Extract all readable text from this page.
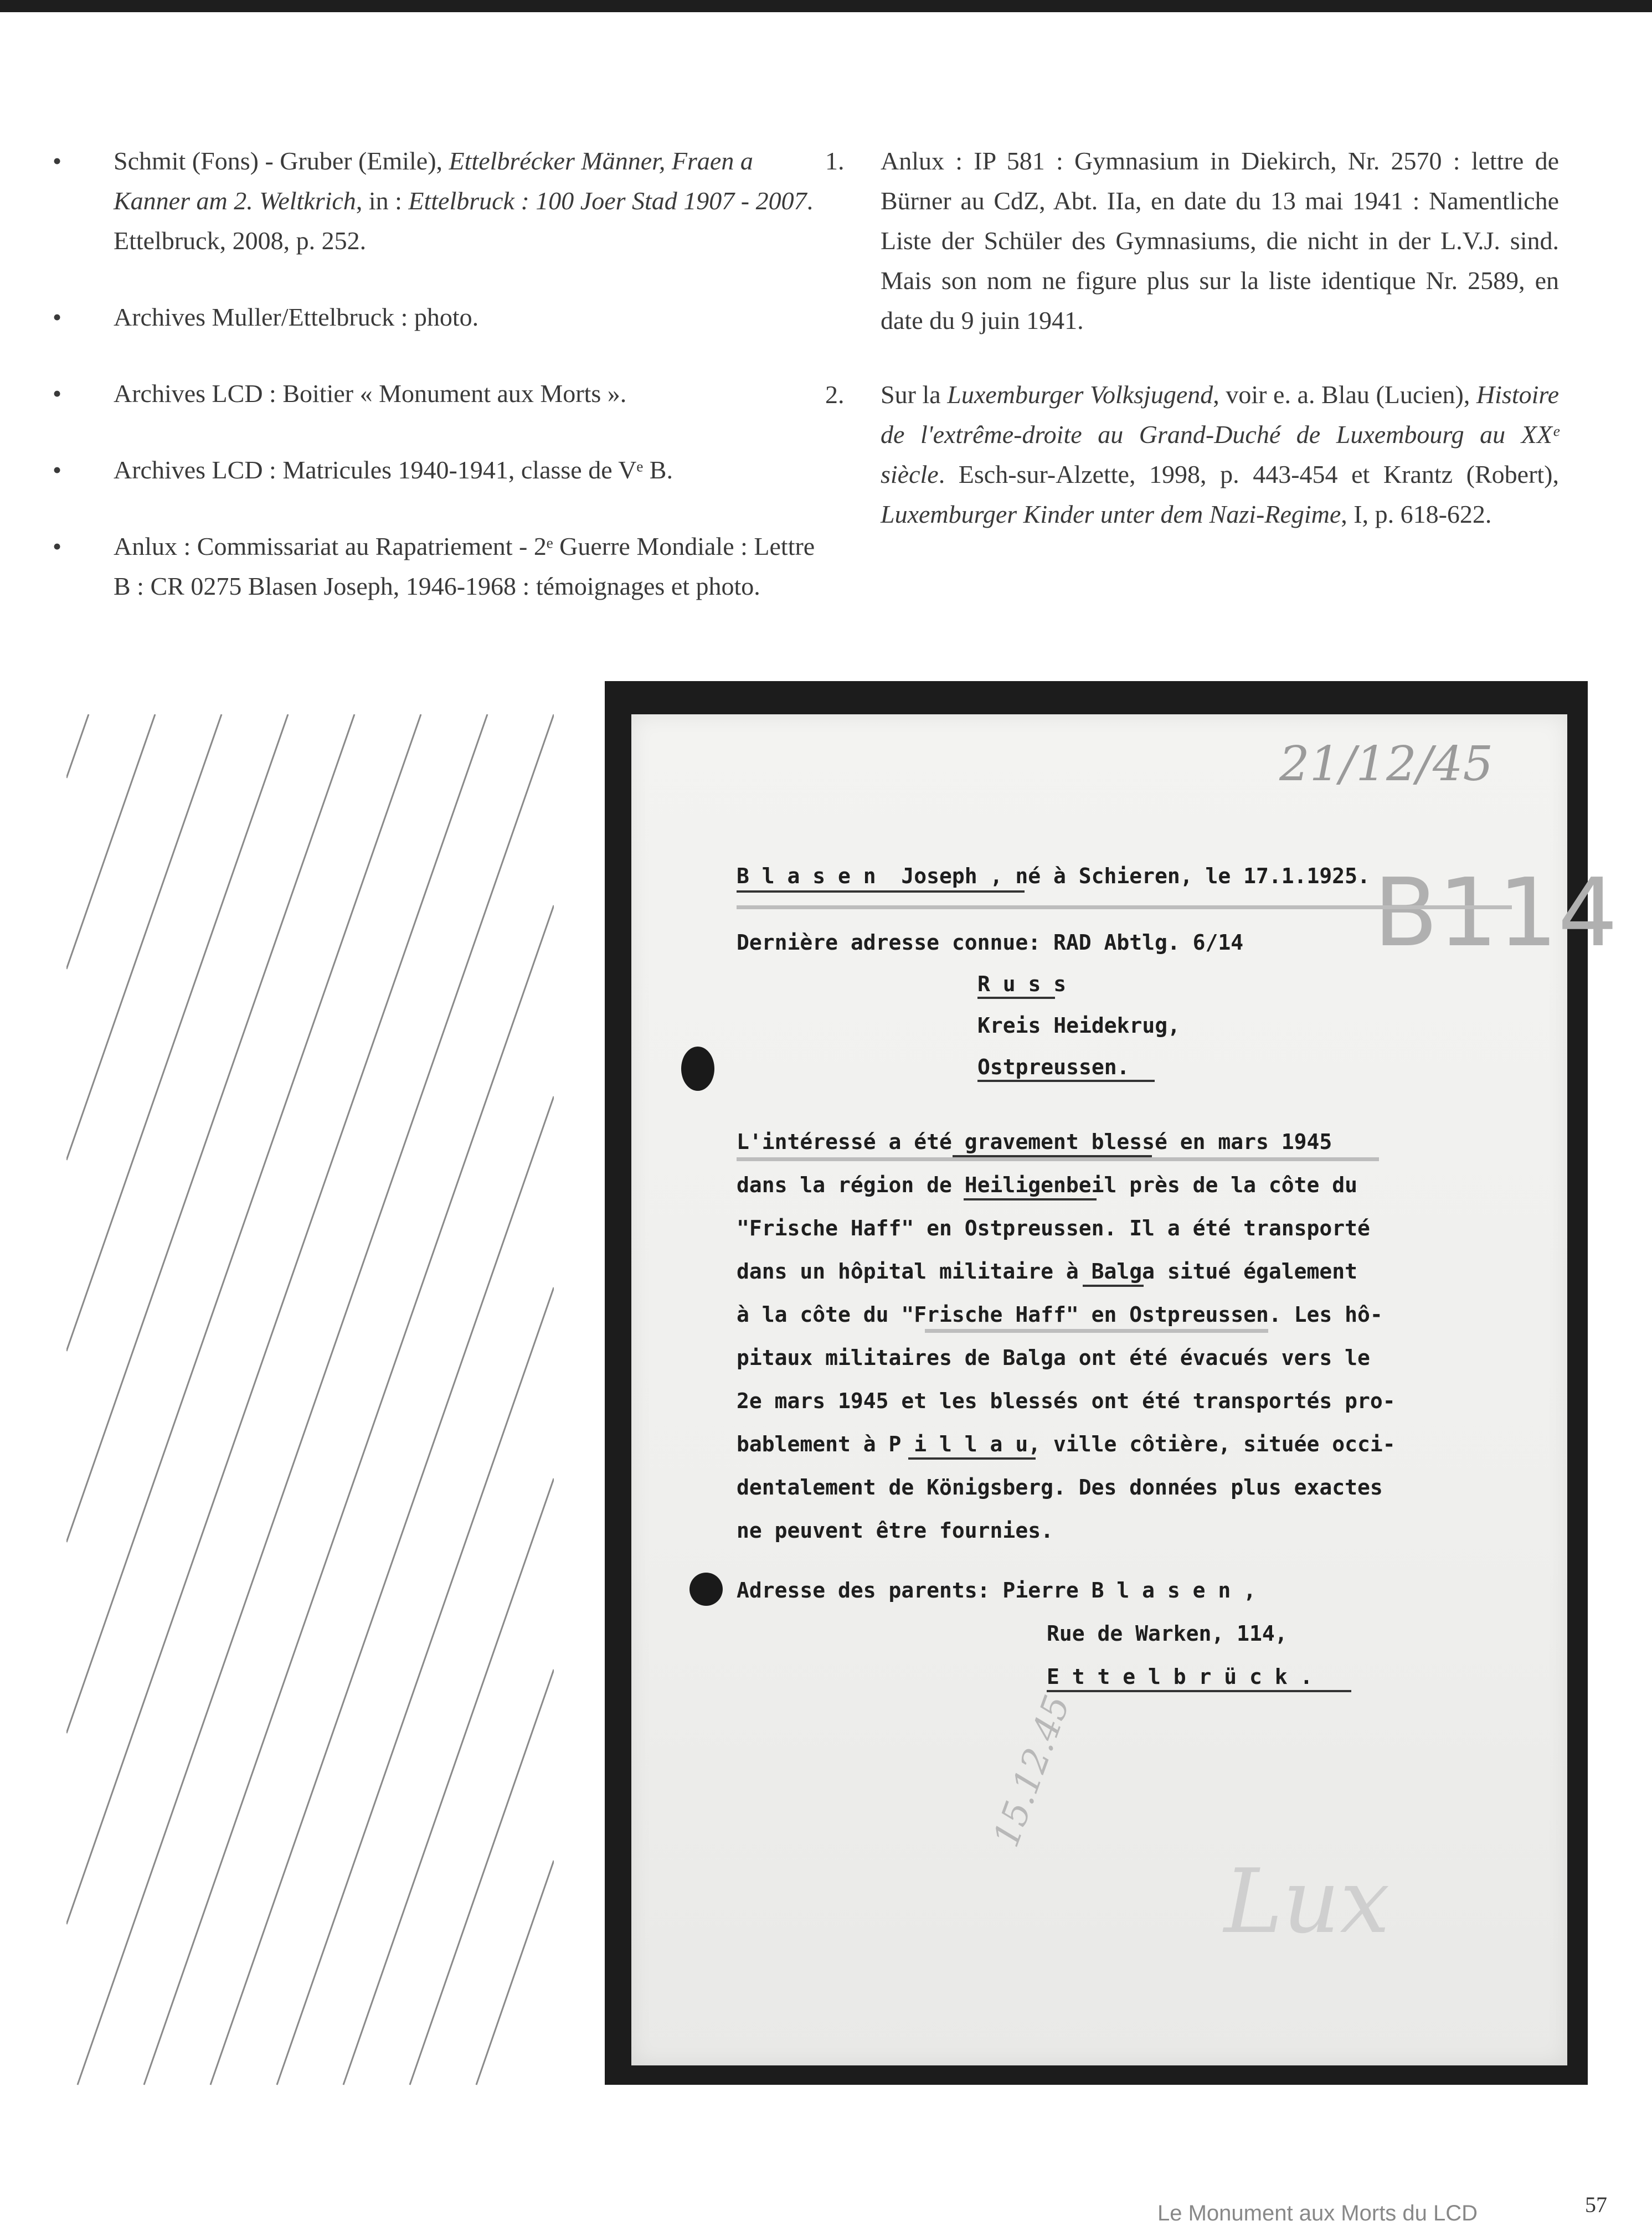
• Schmit (Fons) - Gruber (Emile), Ettelbrécker Männer, Fraen a Kanner am 2. Weltkrich, in : Ettelbruck : 100 Joer Stad 1907 - 2007. Ettelbruck, 2008, p. 252.
• Archives Muller/Ettelbruck : photo.
• Archives LCD : Boitier « Monument aux Morts ».
• Archives LCD : Matricules 1940-1941, classe de Vᵉ B.
• Anlux : Commissariat au Rapatriement - 2ᵉ Guerre Mondiale : Lettre B : CR 0275 Blasen Joseph, 1946-1968 : témoignages et photo.
1. Anlux : IP 581 : Gymnasium in Diekirch, Nr. 2570 : lettre de Bürner au CdZ, Abt. IIa, en date du 13 mai 1941 : Namentliche Liste der Schüler des Gymnasiums, die nicht in der L.V.J. sind. Mais son nom ne figure plus sur la liste identique Nr. 2589, en date du 9 juin 1941.
2. Sur la Luxemburger Volksjugend, voir e. a. Blau (Lucien), Histoire de l'extrême-droite au Grand-Duché de Luxembourg au XXᵉ siècle. Esch-sur-Alzette, 1998, p. 443-454 et Krantz (Robert), Luxemburger Kinder unter dem Nazi-Regime, I, p. 618-622.
21/12/45
B114
B l a s e n  Joseph , né à Schieren, le 17.1.1925.
Dernière adresse connue: RAD Abtlg. 6/14
R u s s
Kreis Heidekrug,
Ostpreussen.
L'intéressé a été gravement blessé en mars 1945
dans la région de Heiligenbeil près de la côte du
"Frische Haff" en Ostpreussen. Il a été transporté
dans un hôpital militaire à Balga situé également
à la côte du "Frische Haff" en Ostpreussen. Les hô-
pitaux militaires de Balga ont été évacués vers le
2e mars 1945 et les blessés ont été transportés pro-
bablement à P i l l a u, ville côtière, située occi-
dentalement de Königsberg. Des données plus exactes
ne peuvent être fournies.
Adresse des parents: Pierre B l a s e n ,
Rue de Warken, 114,
E t t e l b r ü c k .
15.12.45
Lux
Le Monument aux Morts du LCD	57
